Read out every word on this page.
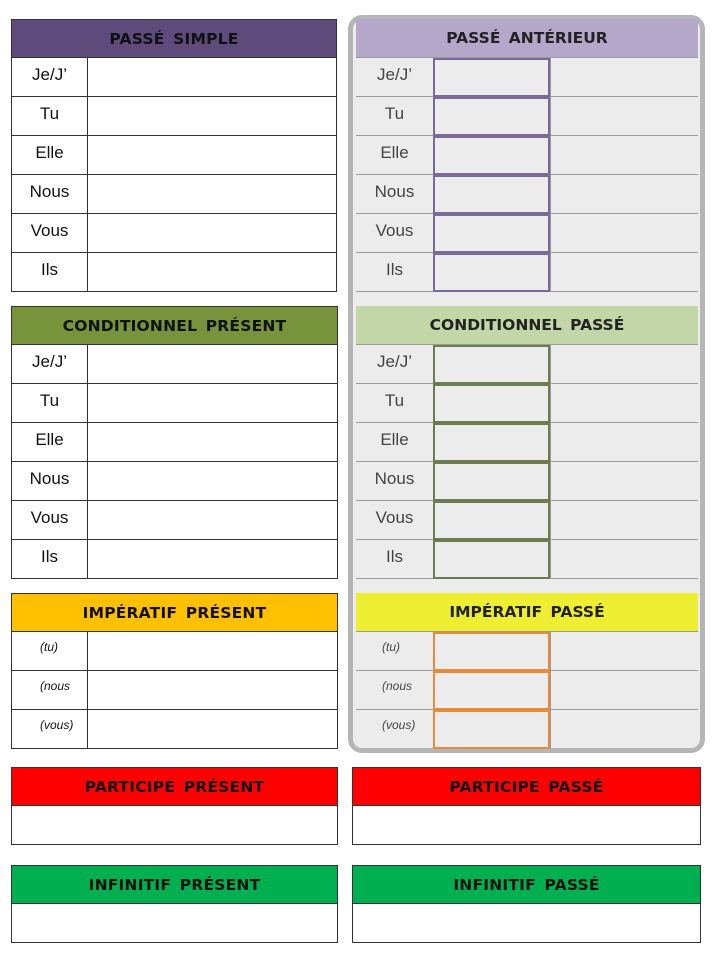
PASSÉ SIMPLE
Je/J’
Tu
Elle
Nous
Vous
Ils
CONDITIONNEL PRÉSENT
Je/J’
Tu
Elle
Nous
Vous
Ils
IMPÉRATIF PRÉSENT
(tu)
(nous
(vous)
PARTICIPE PRÉSENT
INFINITIF PRÉSENT
PASSÉ ANTÉRIEUR
Je/J’
Tu
Elle
Nous
Vous
Ils
CONDITIONNEL PASSÉ
Je/J’
Tu
Elle
Nous
Vous
Ils
IMPÉRATIF PASSÉ
(tu)
(nous
(vous)
PARTICIPE PASSÉ
INFINITIF PASSÉ
